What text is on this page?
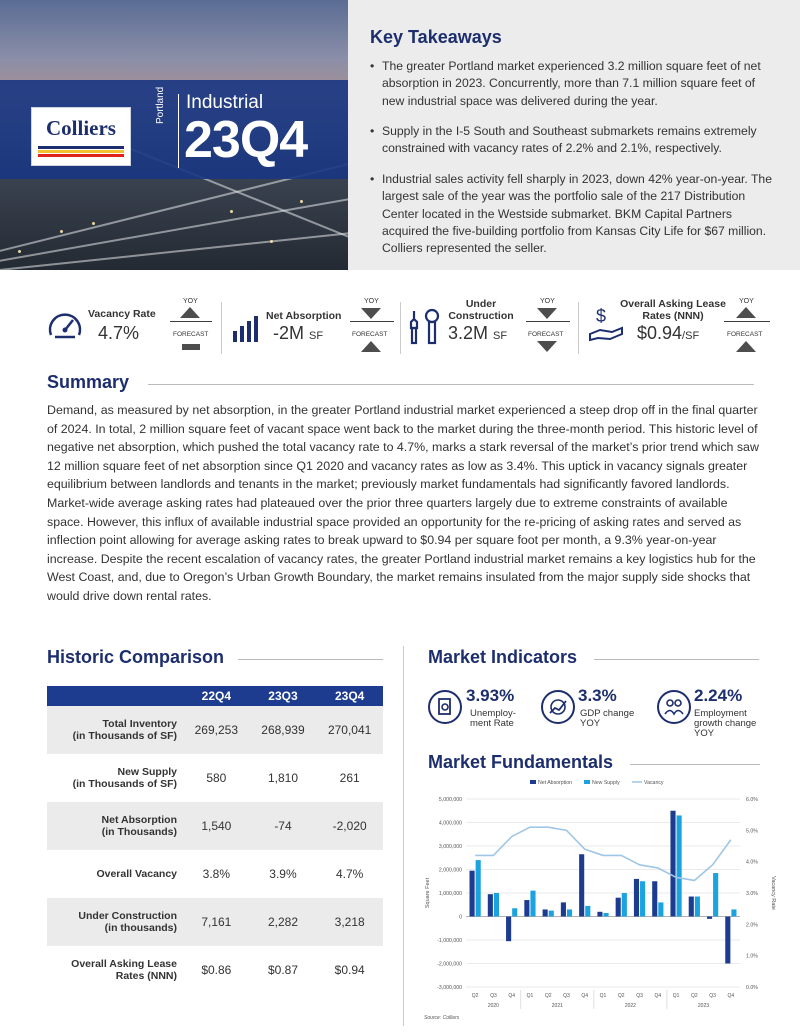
Colliers
Portland Industrial
23Q4
Key Takeaways
• The greater Portland market experienced 3.2 million square feet of net absorption in 2023. Concurrently, more than 7.1 million square feet of new industrial space was delivered during the year.
• Supply in the I-5 South and Southeast submarkets remains extremely constrained with vacancy rates of 2.2% and 2.1%, respectively.
• Industrial sales activity fell sharply in 2023, down 42% year-on-year. The largest sale of the year was the portfolio sale of the 217 Distribution Center located in the Westside submarket. BKM Capital Partners acquired the five-building portfolio from Kansas City Life for $67 million. Colliers represented the seller.
Vacancy Rate
4.7%
YOY
FORECAST
Net Absorption
-2M SF
YOY
FORECAST
Under Construction
3.2M SF
YOY
FORECAST
$
Overall Asking Lease Rates (NNN)
$0.94/SF
YOY
FORECAST
Summary
Demand, as measured by net absorption, in the greater Portland industrial market experienced a steep drop off in the final quarter of 2024. In total, 2 million square feet of vacant space went back to the market during the three-month period. This historic level of negative net absorption, which pushed the total vacancy rate to 4.7%, marks a stark reversal of the market’s prior trend which saw 12 million square feet of net absorption since Q1 2020 and vacancy rates as low as 3.4%. This uptick in vacancy signals greater equilibrium between landlords and tenants in the market; previously market fundamentals had significantly favored landlords. Market-wide average asking rates had plateaued over the prior three quarters largely due to extreme constraints of available space. However, this influx of available industrial space provided an opportunity for the re-pricing of asking rates and served as inflection point allowing for average asking rates to break upward to $0.94 per square foot per month, a 9.3% year-on-year increase. Despite the recent escalation of vacancy rates, the greater Portland industrial market remains a key logistics hub for the West Coast, and, due to Oregon’s Urban Growth Boundary, the market remains insulated from the major supply side shocks that would drive down rental rates.
Historic Comparison
	22Q4	23Q3	23Q4
Total Inventory
(in Thousands of SF)	269,253	268,939	270,041
New Supply
(in Thousands of SF)	580	1,810	261
Net Absorption
(in Thousands)	1,540	-74	-2,020
Overall Vacancy	3.8%	3.9%	4.7%
Under Construction
(in thousands)	7,161	2,282	3,218
Overall Asking Lease
Rates (NNN)	$0.86	$0.87	$0.94
Market Indicators
3.93%
Unemploy-
ment Rate
3.3%
GDP change
YOY
2.24%
Employment
growth change YOY
Market Fundamentals
5,000,000
4,000,000
3,000,000
2,000,000
1,000,000
0
-1,000,000
-2,000,000
-3,000,000
6.0%
5.0%
4.0%
3.0%
2.0%
1.0%
0.0%
Square Feet	Vacancy Rate
Net Absorption	New Supply	Vacancy
Q2 Q3 Q4 Q1 Q2 Q3 Q4 Q1 Q2 Q3 Q4 Q1 Q2 Q3 Q4
2020	2021	2022	2023
Source: Colliers
